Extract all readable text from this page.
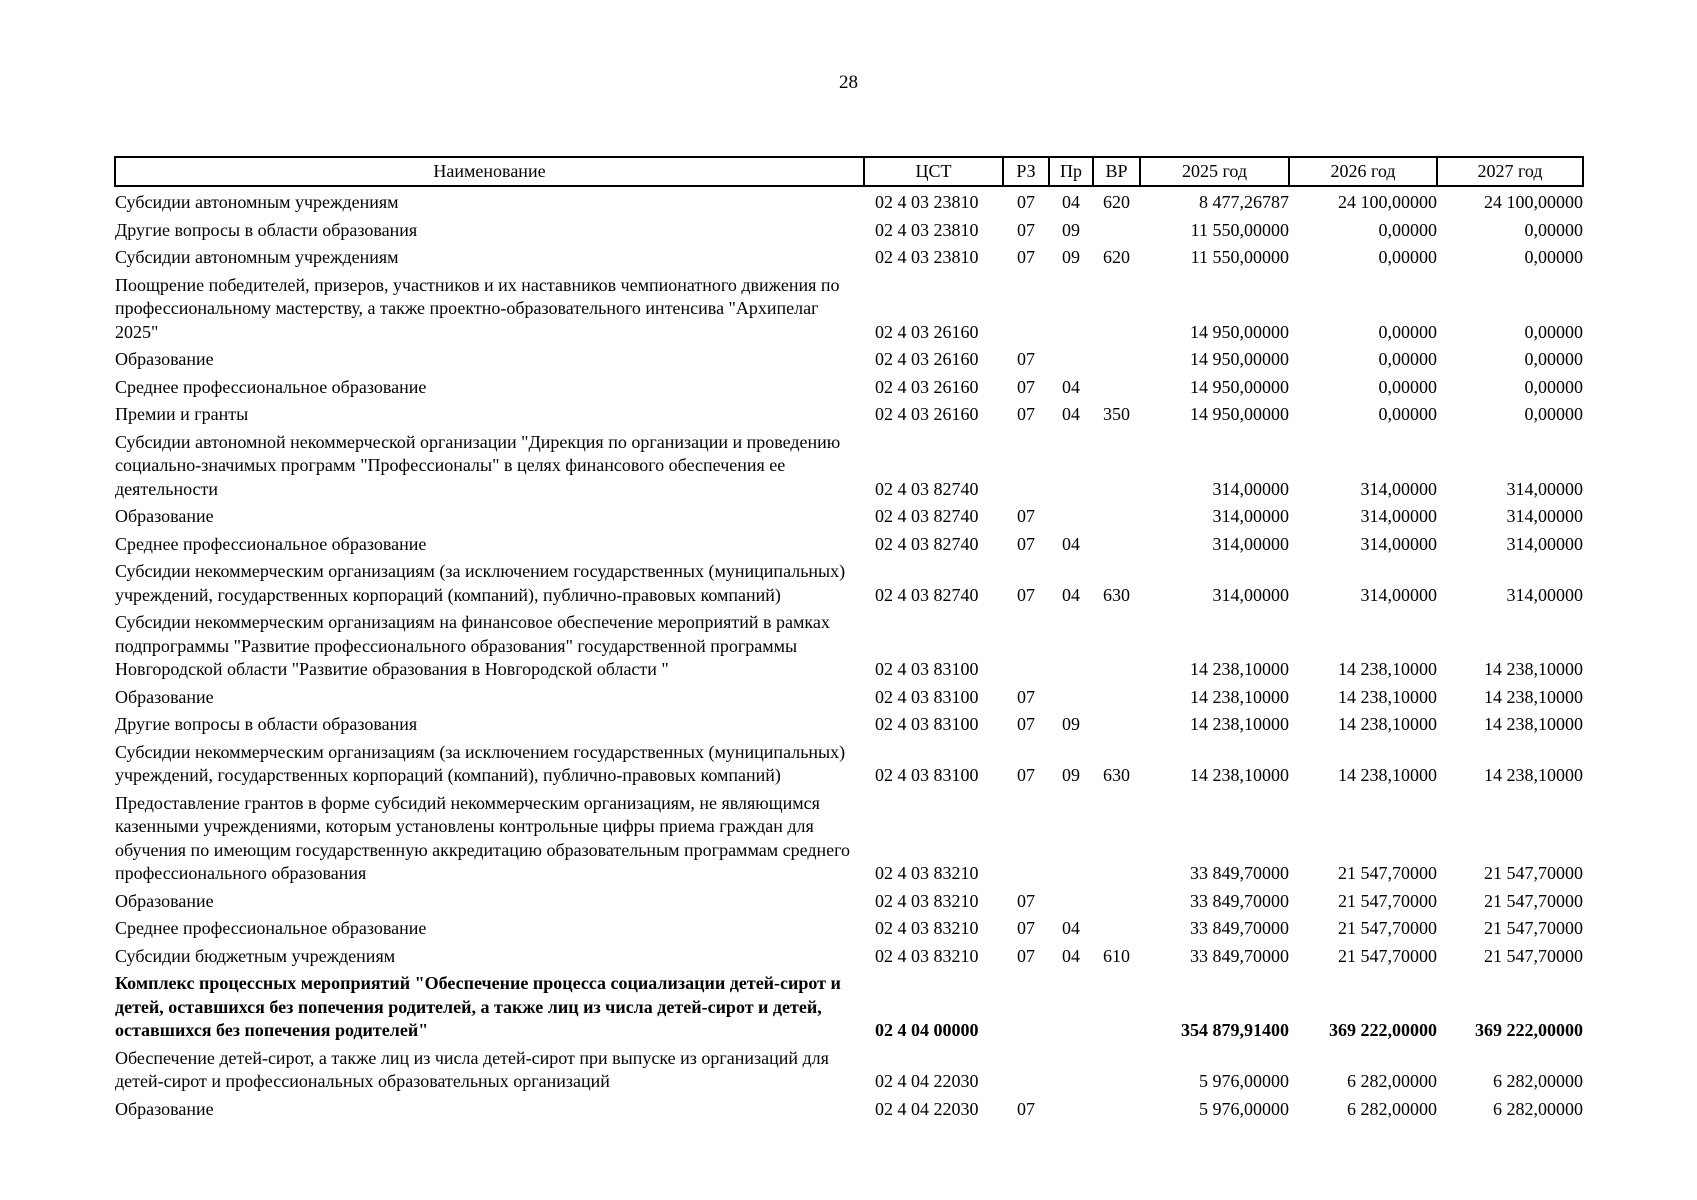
28
Наименование	ЦСТ	РЗ	Пр	ВР	2025 год	2026 год	2027 год
Субсидии автономным учреждениям	02 4 03 23810	07	04	620	8 477,26787	24 100,00000	24 100,00000
Другие вопросы в области образования	02 4 03 23810	07	09		11 550,00000	0,00000	0,00000
Субсидии автономным учреждениям	02 4 03 23810	07	09	620	11 550,00000	0,00000	0,00000
Поощрение победителей, призеров, участников и их наставников чемпионатного движения по профессиональному мастерству, а также проектно-образовательного интенсива "Архипелаг 2025"	02 4 03 26160				14 950,00000	0,00000	0,00000
Образование	02 4 03 26160	07			14 950,00000	0,00000	0,00000
Среднее профессиональное образование	02 4 03 26160	07	04		14 950,00000	0,00000	0,00000
Премии и гранты	02 4 03 26160	07	04	350	14 950,00000	0,00000	0,00000
Субсидии автономной некоммерческой организации "Дирекция по организации и проведению социально-значимых программ "Профессионалы" в целях финансового обеспечения ее деятельности	02 4 03 82740				314,00000	314,00000	314,00000
Образование	02 4 03 82740	07			314,00000	314,00000	314,00000
Среднее профессиональное образование	02 4 03 82740	07	04		314,00000	314,00000	314,00000
Субсидии некоммерческим организациям (за исключением государственных (муниципальных) учреждений, государственных корпораций (компаний), публично-правовых компаний)	02 4 03 82740	07	04	630	314,00000	314,00000	314,00000
Субсидии некоммерческим организациям на финансовое обеспечение мероприятий в рамках подпрограммы "Развитие профессионального образования" государственной программы Новгородской области "Развитие образования в Новгородской области "	02 4 03 83100				14 238,10000	14 238,10000	14 238,10000
Образование	02 4 03 83100	07			14 238,10000	14 238,10000	14 238,10000
Другие вопросы в области образования	02 4 03 83100	07	09		14 238,10000	14 238,10000	14 238,10000
Субсидии некоммерческим организациям (за исключением государственных (муниципальных) учреждений, государственных корпораций (компаний), публично-правовых компаний)	02 4 03 83100	07	09	630	14 238,10000	14 238,10000	14 238,10000
Предоставление грантов в форме субсидий некоммерческим организациям, не являющимся казенными учреждениями, которым установлены контрольные цифры приема граждан для обучения по имеющим государственную аккредитацию образовательным программам среднего профессионального образования	02 4 03 83210				33 849,70000	21 547,70000	21 547,70000
Образование	02 4 03 83210	07			33 849,70000	21 547,70000	21 547,70000
Среднее профессиональное образование	02 4 03 83210	07	04		33 849,70000	21 547,70000	21 547,70000
Субсидии бюджетным учреждениям	02 4 03 83210	07	04	610	33 849,70000	21 547,70000	21 547,70000
Комплекс процессных мероприятий "Обеспечение процесса социализации детей-сирот и детей, оставшихся без попечения родителей, а также лиц из числа детей-сирот и детей, оставшихся без попечения родителей"	02 4 04 00000				354 879,91400	369 222,00000	369 222,00000
Обеспечение детей-сирот, а также лиц из числа детей-сирот при выпуске из организаций для детей-сирот и профессиональных образовательных организаций	02 4 04 22030				5 976,00000	6 282,00000	6 282,00000
Образование	02 4 04 22030	07			5 976,00000	6 282,00000	6 282,00000
